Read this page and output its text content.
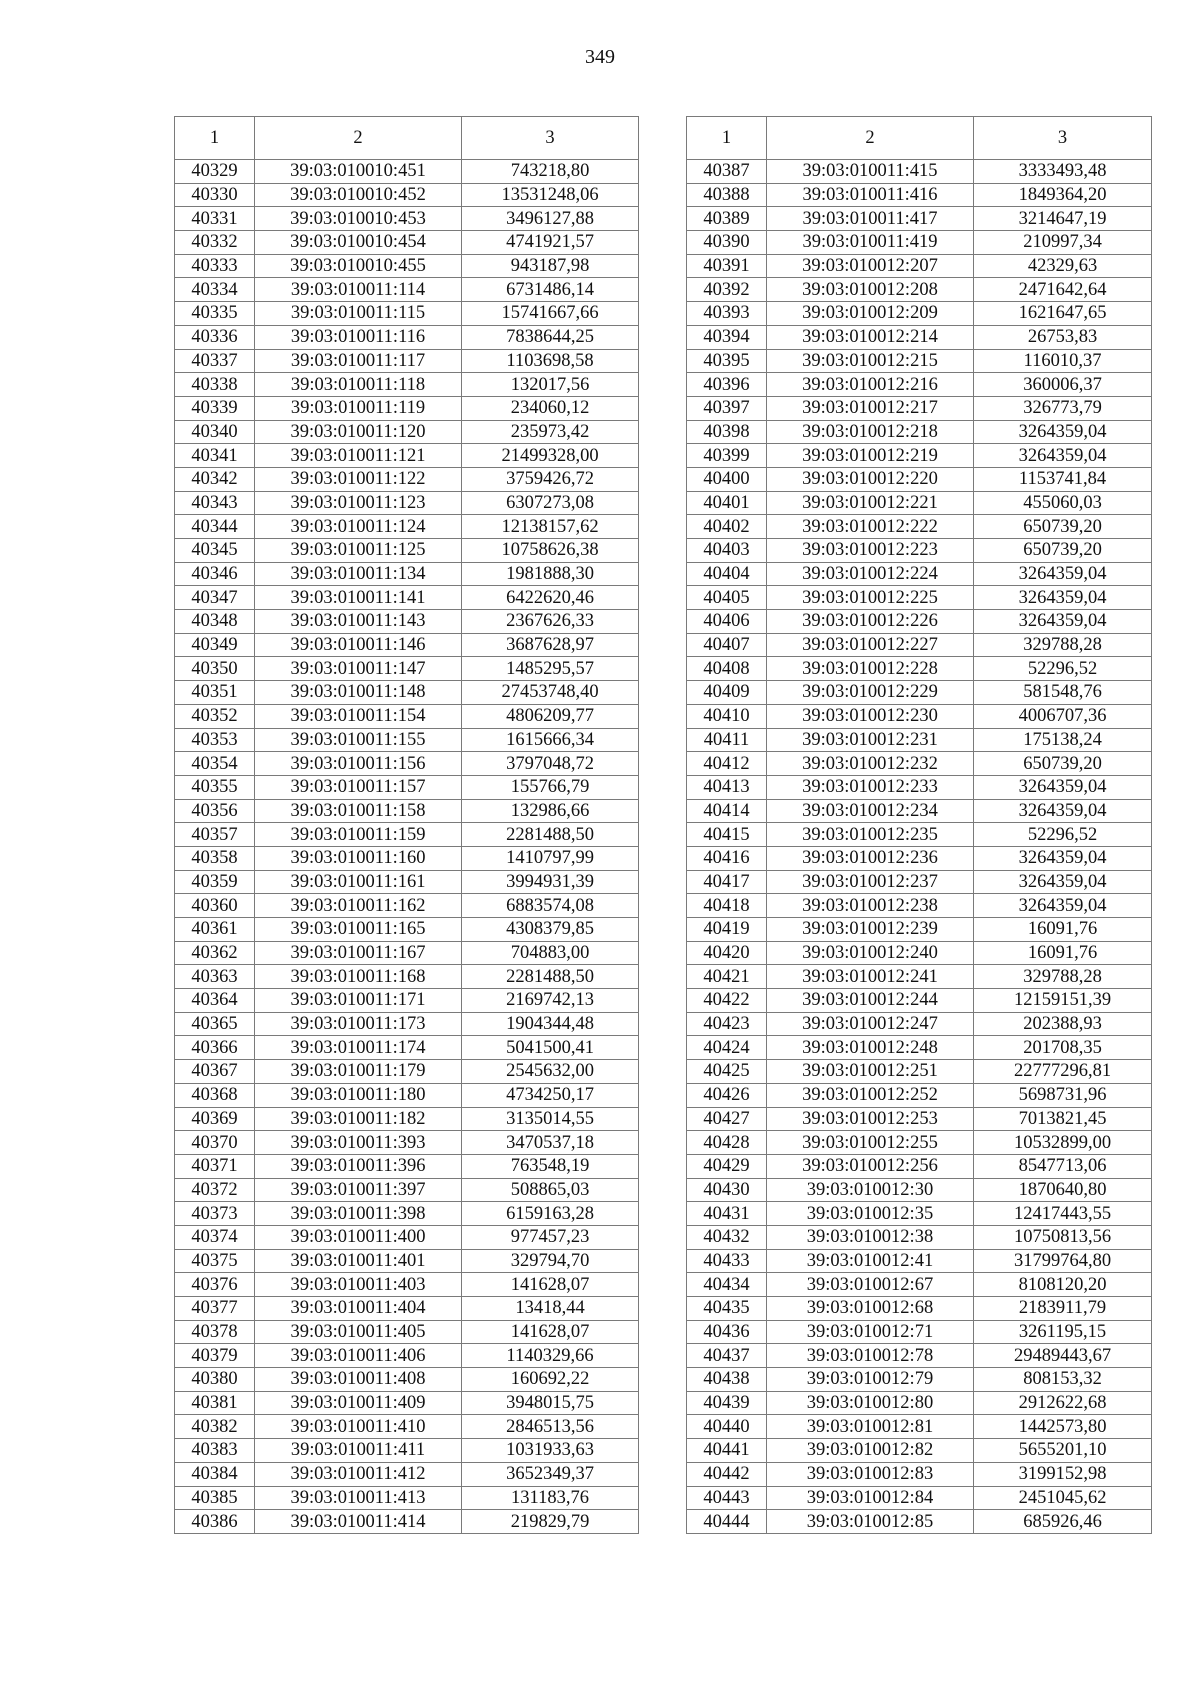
349
1	2	3
40329	39:03:010010:451	743218,80
40330	39:03:010010:452	13531248,06
40331	39:03:010010:453	3496127,88
40332	39:03:010010:454	4741921,57
40333	39:03:010010:455	943187,98
40334	39:03:010011:114	6731486,14
40335	39:03:010011:115	15741667,66
40336	39:03:010011:116	7838644,25
40337	39:03:010011:117	1103698,58
40338	39:03:010011:118	132017,56
40339	39:03:010011:119	234060,12
40340	39:03:010011:120	235973,42
40341	39:03:010011:121	21499328,00
40342	39:03:010011:122	3759426,72
40343	39:03:010011:123	6307273,08
40344	39:03:010011:124	12138157,62
40345	39:03:010011:125	10758626,38
40346	39:03:010011:134	1981888,30
40347	39:03:010011:141	6422620,46
40348	39:03:010011:143	2367626,33
40349	39:03:010011:146	3687628,97
40350	39:03:010011:147	1485295,57
40351	39:03:010011:148	27453748,40
40352	39:03:010011:154	4806209,77
40353	39:03:010011:155	1615666,34
40354	39:03:010011:156	3797048,72
40355	39:03:010011:157	155766,79
40356	39:03:010011:158	132986,66
40357	39:03:010011:159	2281488,50
40358	39:03:010011:160	1410797,99
40359	39:03:010011:161	3994931,39
40360	39:03:010011:162	6883574,08
40361	39:03:010011:165	4308379,85
40362	39:03:010011:167	704883,00
40363	39:03:010011:168	2281488,50
40364	39:03:010011:171	2169742,13
40365	39:03:010011:173	1904344,48
40366	39:03:010011:174	5041500,41
40367	39:03:010011:179	2545632,00
40368	39:03:010011:180	4734250,17
40369	39:03:010011:182	3135014,55
40370	39:03:010011:393	3470537,18
40371	39:03:010011:396	763548,19
40372	39:03:010011:397	508865,03
40373	39:03:010011:398	6159163,28
40374	39:03:010011:400	977457,23
40375	39:03:010011:401	329794,70
40376	39:03:010011:403	141628,07
40377	39:03:010011:404	13418,44
40378	39:03:010011:405	141628,07
40379	39:03:010011:406	1140329,66
40380	39:03:010011:408	160692,22
40381	39:03:010011:409	3948015,75
40382	39:03:010011:410	2846513,56
40383	39:03:010011:411	1031933,63
40384	39:03:010011:412	3652349,37
40385	39:03:010011:413	131183,76
40386	39:03:010011:414	219829,79
1	2	3
40387	39:03:010011:415	3333493,48
40388	39:03:010011:416	1849364,20
40389	39:03:010011:417	3214647,19
40390	39:03:010011:419	210997,34
40391	39:03:010012:207	42329,63
40392	39:03:010012:208	2471642,64
40393	39:03:010012:209	1621647,65
40394	39:03:010012:214	26753,83
40395	39:03:010012:215	116010,37
40396	39:03:010012:216	360006,37
40397	39:03:010012:217	326773,79
40398	39:03:010012:218	3264359,04
40399	39:03:010012:219	3264359,04
40400	39:03:010012:220	1153741,84
40401	39:03:010012:221	455060,03
40402	39:03:010012:222	650739,20
40403	39:03:010012:223	650739,20
40404	39:03:010012:224	3264359,04
40405	39:03:010012:225	3264359,04
40406	39:03:010012:226	3264359,04
40407	39:03:010012:227	329788,28
40408	39:03:010012:228	52296,52
40409	39:03:010012:229	581548,76
40410	39:03:010012:230	4006707,36
40411	39:03:010012:231	175138,24
40412	39:03:010012:232	650739,20
40413	39:03:010012:233	3264359,04
40414	39:03:010012:234	3264359,04
40415	39:03:010012:235	52296,52
40416	39:03:010012:236	3264359,04
40417	39:03:010012:237	3264359,04
40418	39:03:010012:238	3264359,04
40419	39:03:010012:239	16091,76
40420	39:03:010012:240	16091,76
40421	39:03:010012:241	329788,28
40422	39:03:010012:244	12159151,39
40423	39:03:010012:247	202388,93
40424	39:03:010012:248	201708,35
40425	39:03:010012:251	22777296,81
40426	39:03:010012:252	5698731,96
40427	39:03:010012:253	7013821,45
40428	39:03:010012:255	10532899,00
40429	39:03:010012:256	8547713,06
40430	39:03:010012:30	1870640,80
40431	39:03:010012:35	12417443,55
40432	39:03:010012:38	10750813,56
40433	39:03:010012:41	31799764,80
40434	39:03:010012:67	8108120,20
40435	39:03:010012:68	2183911,79
40436	39:03:010012:71	3261195,15
40437	39:03:010012:78	29489443,67
40438	39:03:010012:79	808153,32
40439	39:03:010012:80	2912622,68
40440	39:03:010012:81	1442573,80
40441	39:03:010012:82	5655201,10
40442	39:03:010012:83	3199152,98
40443	39:03:010012:84	2451045,62
40444	39:03:010012:85	685926,46
